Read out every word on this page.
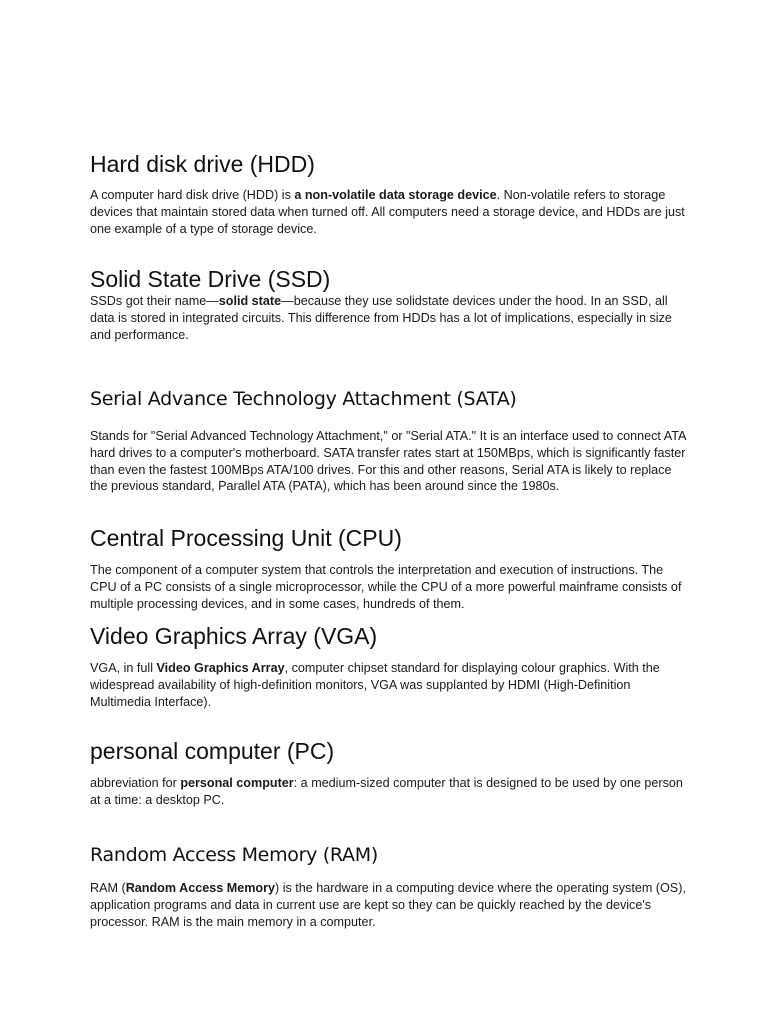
Hard disk drive (HDD)

A computer hard disk drive (HDD) is a non-volatile data storage device. Non-volatile refers to storage devices that maintain stored data when turned off. All computers need a storage device, and HDDs are just one example of a type of storage device.

Solid State Drive (SSD)

SSDs got their name—solid state—because they use solidstate devices under the hood. In an SSD, all data is stored in integrated circuits. This difference from HDDs has a lot of implications, especially in size and performance.

Serial Advance Technology Attachment (SATA)

Stands for "Serial Advanced Technology Attachment," or "Serial ATA." It is an interface used to connect ATA hard drives to a computer's motherboard. SATA transfer rates start at 150MBps, which is significantly faster than even the fastest 100MBps ATA/100 drives. For this and other reasons, Serial ATA is likely to replace the previous standard, Parallel ATA (PATA), which has been around since the 1980s.

Central Processing Unit (CPU)

The component of a computer system that controls the interpretation and execution of instructions. The CPU of a PC consists of a single microprocessor, while the CPU of a more powerful mainframe consists of multiple processing devices, and in some cases, hundreds of them.

Video Graphics Array (VGA)

VGA, in full Video Graphics Array, computer chipset standard for displaying colour graphics. With the widespread availability of high-definition monitors, VGA was supplanted by HDMI (High-Definition Multimedia Interface).

personal computer (PC)

abbreviation for personal computer: a medium-sized computer that is designed to be used by one person at a time: a desktop PC.

Random Access Memory (RAM)

RAM (Random Access Memory) is the hardware in a computing device where the operating system (OS), application programs and data in current use are kept so they can be quickly reached by the device's processor. RAM is the main memory in a computer.
